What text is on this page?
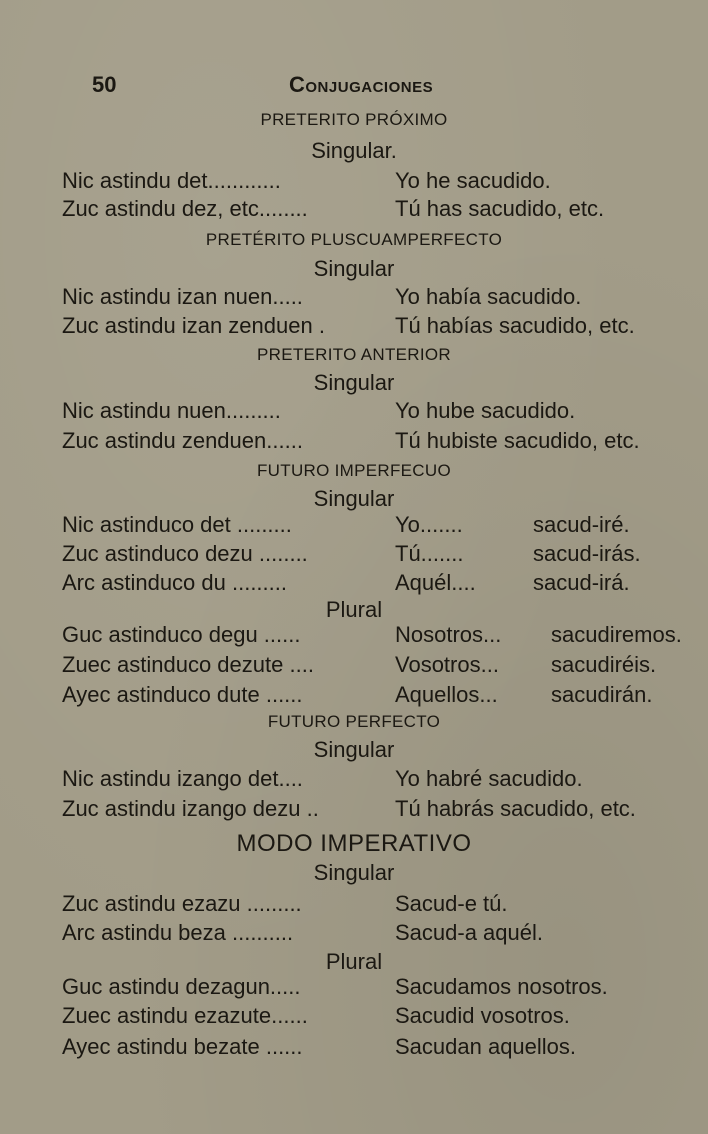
50	Conjugaciones
PRETERITO PRÓXIMO
Singular.
Nic astindu det............	Yo he sacudido.
Zuc astindu dez, etc........	Tú has sacudido, etc.
PRETÉRITO PLUSCUAMPERFECTO
Singular
Nic astindu izan nuen.....	Yo había sacudido.
Zuc astindu izan zenduen .	Tú habías sacudido, etc.
PRETERITO ANTERIOR
Singular
Nic astindu nuen.........	Yo hube sacudido.
Zuc astindu zenduen......	Tú hubiste sacudido, etc.
FUTURO IMPERFECUO
Singular
Nic astinduco det .........	Yo.......	sacud-iré.
Zuc astinduco dezu ........	Tú.......	sacud-irás.
Arc astinduco du .........	Aquél....	sacud-irá.
Plural
Guc astinduco degu ......	Nosotros... sacudiremos.
Zuec astinduco dezute ....	Vosotros... sacudiréis.
Ayec astinduco dute ......	Aquellos... sacudirán.
FUTURO PERFECTO
Singular
Nic astindu izango det....	Yo habré sacudido.
Zuc astindu izango dezu ..	Tú habrás sacudido, etc.
MODO IMPERATIVO
Singular
Zuc astindu ezazu .........	Sacud-e tú.
Arc astindu beza ..........	Sacud-a aquél.
Plural
Guc astindu dezagun.....	Sacudamos nosotros.
Zuec astindu ezazute......	Sacudid vosotros.
Ayec astindu bezate ......	Sacudan aquellos.
